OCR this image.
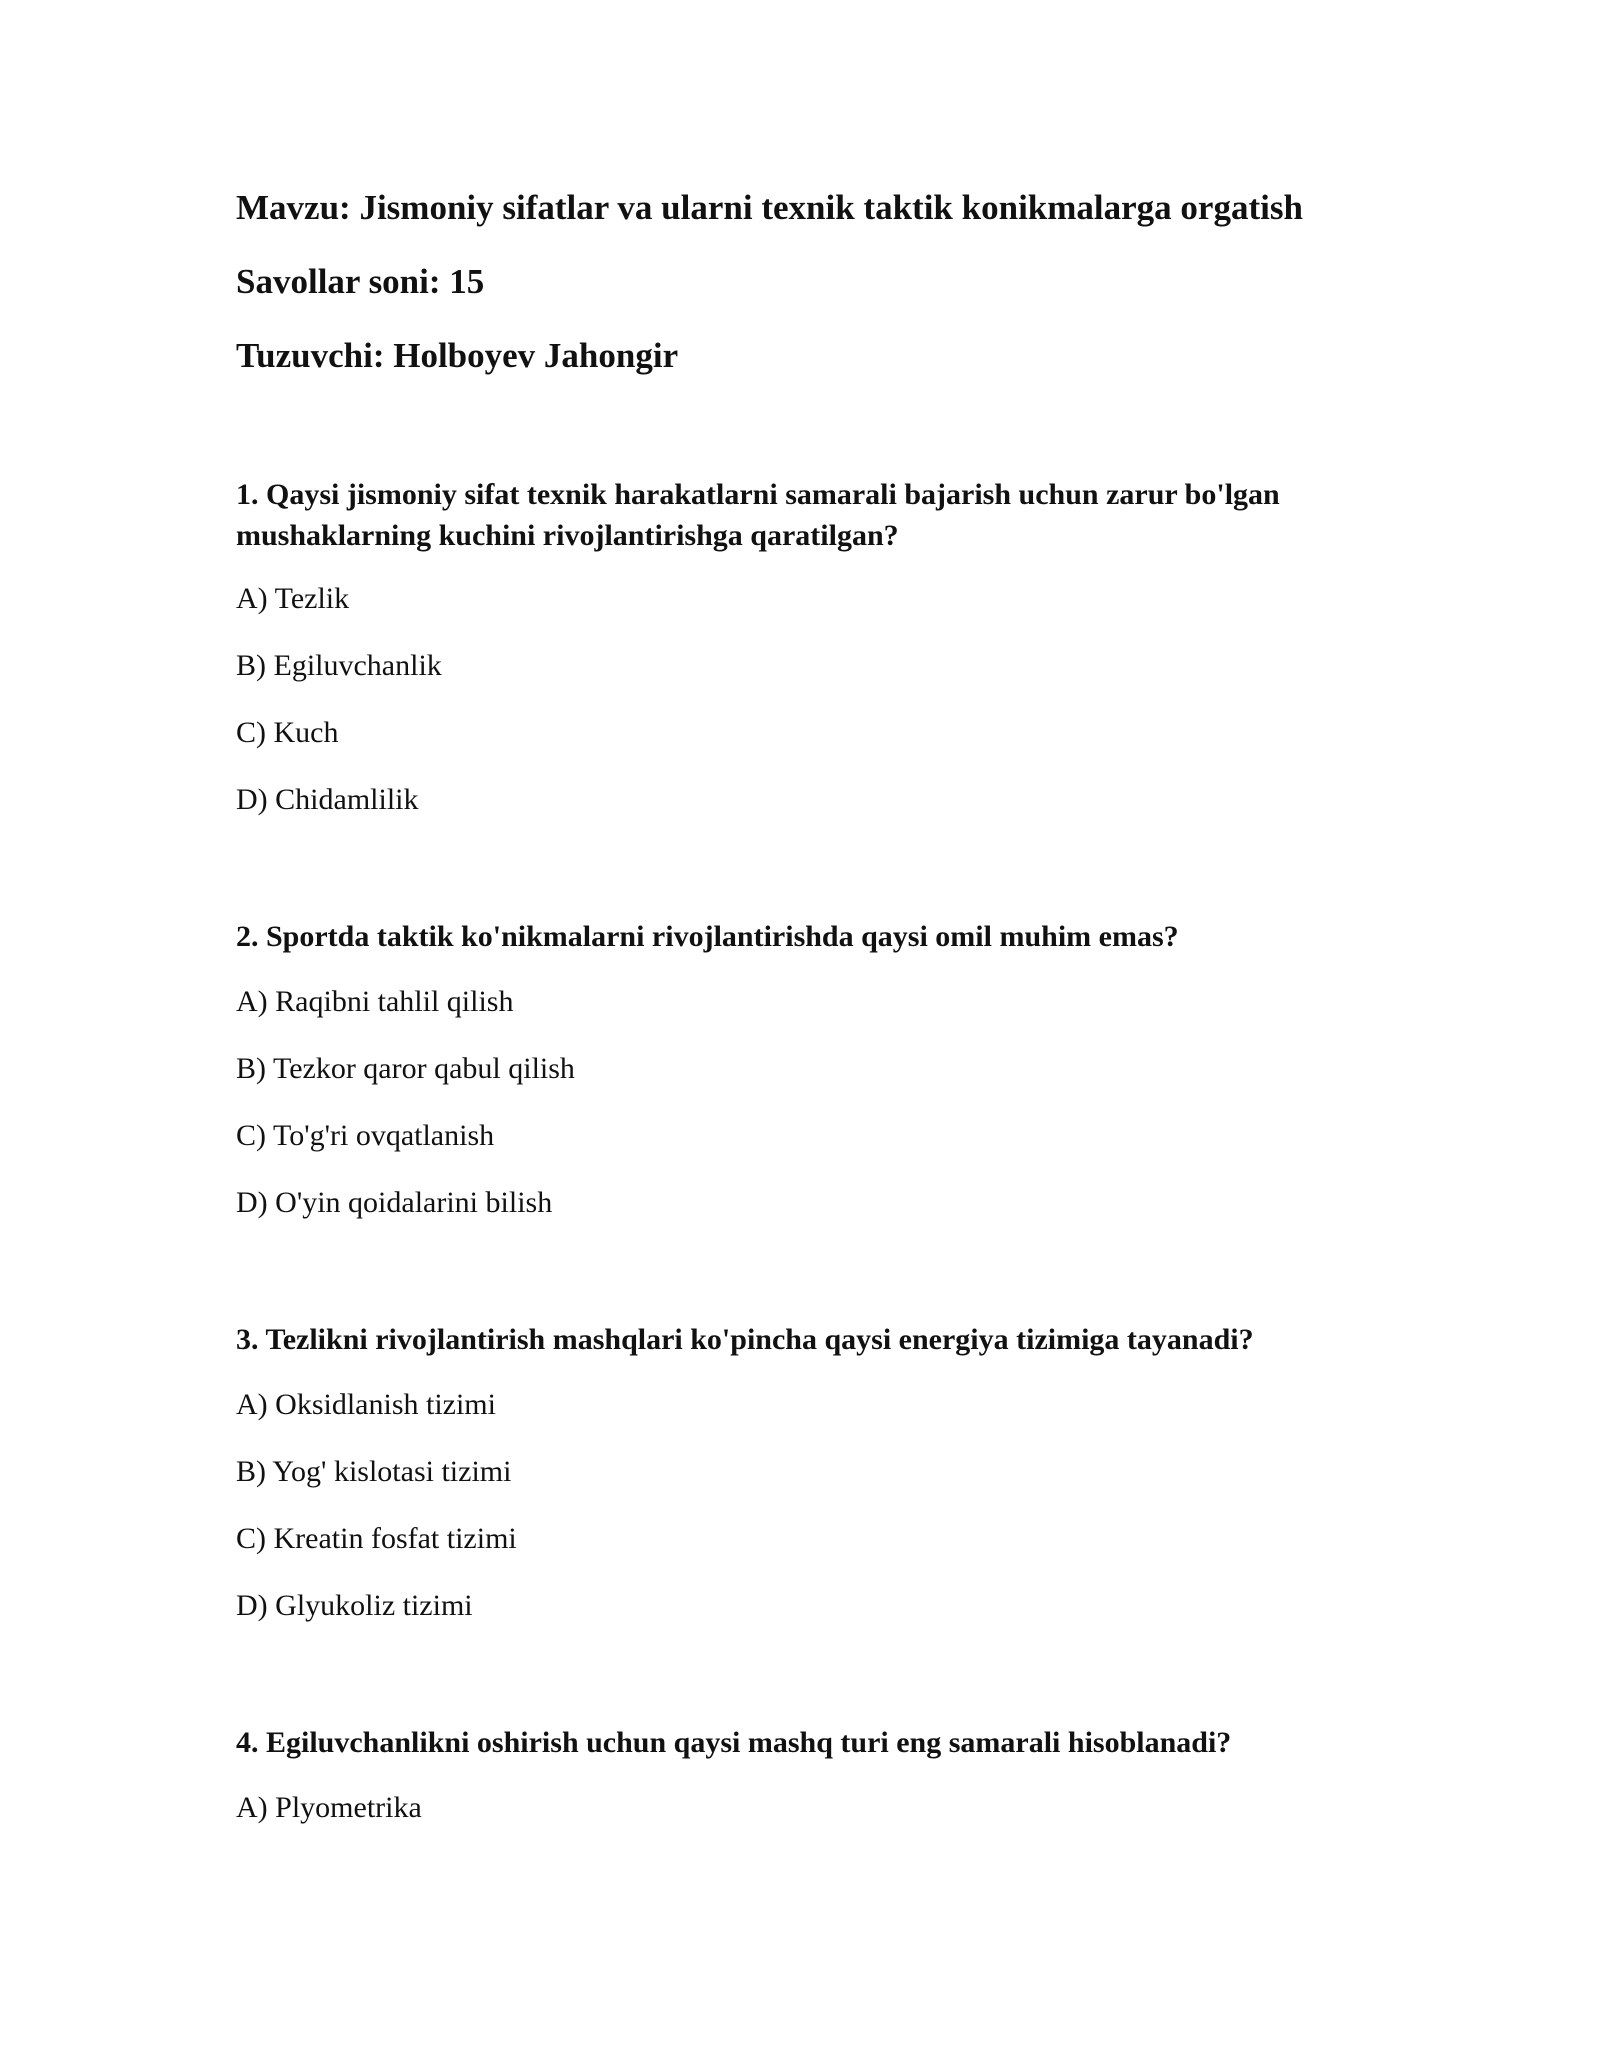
Mavzu: Jismoniy sifatlar va ularni texnik taktik konikmalarga orgatish

Savollar soni: 15

Tuzuvchi: Holboyev Jahongir

1. Qaysi jismoniy sifat texnik harakatlarni samarali bajarish uchun zarur bo'lgan mushaklarning kuchini rivojlantirishga qaratilgan?

A) Tezlik

B) Egiluvchanlik

C) Kuch

D) Chidamlilik

2. Sportda taktik ko'nikmalarni rivojlantirishda qaysi omil muhim emas?

A) Raqibni tahlil qilish

B) Tezkor qaror qabul qilish

C) To'g'ri ovqatlanish

D) O'yin qoidalarini bilish

3. Tezlikni rivojlantirish mashqlari ko'pincha qaysi energiya tizimiga tayanadi?

A) Oksidlanish tizimi

B) Yog' kislotasi tizimi

C) Kreatin fosfat tizimi

D) Glyukoliz tizimi

4. Egiluvchanlikni oshirish uchun qaysi mashq turi eng samarali hisoblanadi?

A) Plyometrika
